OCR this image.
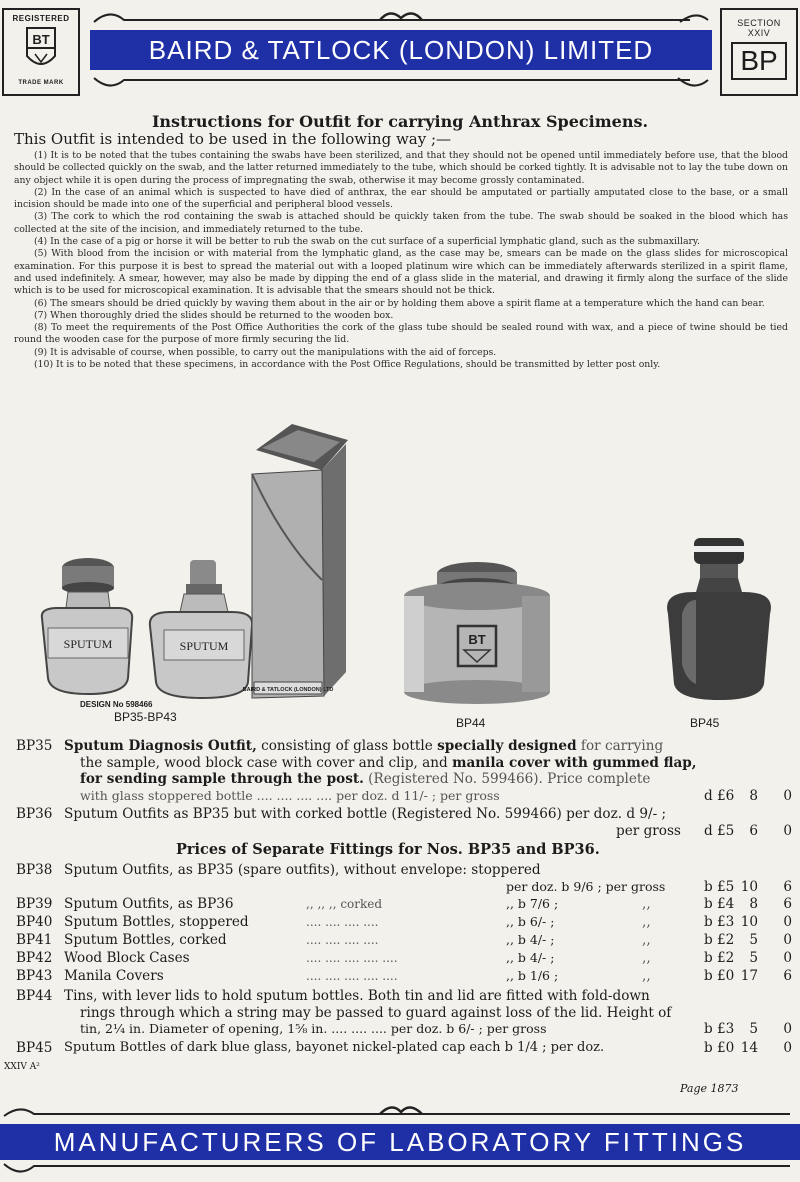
REGISTERED
BT
TRADE MARK
BAIRD & TATLOCK (LONDON) LIMITED
SECTION
XXIV
BP
Instructions for Outfit for carrying Anthrax Specimens.
This Outfit is intended to be used in the following way ;—

(1) It is to be noted that the tubes containing the swabs have been sterilized, and that they should not be opened until immediately before use, that the blood should be collected quickly on the swab, and the latter returned immediately to the tube, which should be corked tightly. It is advisable not to lay the tube down on any object while it is open during the process of impregnating the swab, otherwise it may become grossly contaminated.

(2) In the case of an animal which is suspected to have died of anthrax, the ear should be amputated or partially amputated close to the base, or a small incision should be made into one of the superficial and peripheral blood vessels.

(3) The cork to which the rod containing the swab is attached should be quickly taken from the tube. The swab should be soaked in the blood which has collected at the site of the incision, and immediately returned to the tube.

(4) In the case of a pig or horse it will be better to rub the swab on the cut surface of a superficial lymphatic gland, such as the submaxillary.

(5) With blood from the incision or with material from the lymphatic gland, as the case may be, smears can be made on the glass slides for microscopical examination. For this purpose it is best to spread the material out with a looped platinum wire which can be immediately afterwards sterilized in a spirit flame, and used indefinitely. A smear, however, may also be made by dipping the end of a glass slide in the material, and drawing it firmly along the surface of the slide which is to be used for microscopical examination. It is advisable that the smears should not be thick.

(6) The smears should be dried quickly by waving them about in the air or by holding them above a spirit flame at a temperature which the hand can bear.

(7) When thoroughly dried the slides should be returned to the wooden box.

(8) To meet the requirements of the Post Office Authorities the cork of the glass tube should be sealed round with wax, and a piece of twine should be tied round the wooden case for the purpose of more firmly securing the lid.

(9) It is advisable of course, when possible, to carry out the manipulations with the aid of forceps.

(10) It is to be noted that these specimens, in accordance with the Post Office Regulations, should be transmitted by letter post only.

SPUTUM	SPUTUM
BAIRD & TATLOCK (LONDON) LTD
BT
DESIGN No 598466
BP35-BP43	BP44	BP45
BP35 Sputum Diagnosis Outfit, consisting of glass bottle specially designed for carrying
the sample, wood block case with cover and clip, and manila cover with gummed flap,
for sending sample through the post. (Registered No. 599466). Price complete
with glass stoppered bottle .... .... .... .... per doz. d 11/- ; per gross	d £6	8	0
BP36 Sputum Outfits as BP35 but with corked bottle (Registered No. 599466) per doz. d 9/- ;
per gross d £5	6	0
Prices of Separate Fittings for Nos. BP35 and BP36.
BP38 Sputum Outfits, as BP35 (spare outfits), without envelope: stoppered
per doz. b 9/6 ; per gross	b £5 10	6
BP39 Sputum Outfits, as BP36	,, ,, ,, corked	,, b 7/6 ;	,,	b £4	8	6
BP40 Sputum Bottles, stoppered	.... .... .... ....	,, b 6/- ;	,,	b £3 10	0
BP41 Sputum Bottles, corked	.... .... .... ....	,, b 4/- ;	,,	b £2	5	0
BP42 Wood Block Cases	.... .... .... .... ....	,, b 4/- ;	,,	b £2	5	0
BP43 Manila Covers	.... .... .... .... ....	,, b 1/6 ;	,,	b £0 17	6
BP44 Tins, with lever lids to hold sputum bottles. Both tin and lid are fitted with fold-down
rings through which a string may be passed to guard against loss of the lid. Height of
tin, 2¼ in. Diameter of opening, 1⅝ in. .... .... .... per doz. b 6/- ; per gross	b £3	5	0
BP45 Sputum Bottles of dark blue glass, bayonet nickel-plated cap each b 1/4 ; per doz.	b £0 14	0
XXIV A²
Page 1873
MANUFACTURERS OF LABORATORY FITTINGS
